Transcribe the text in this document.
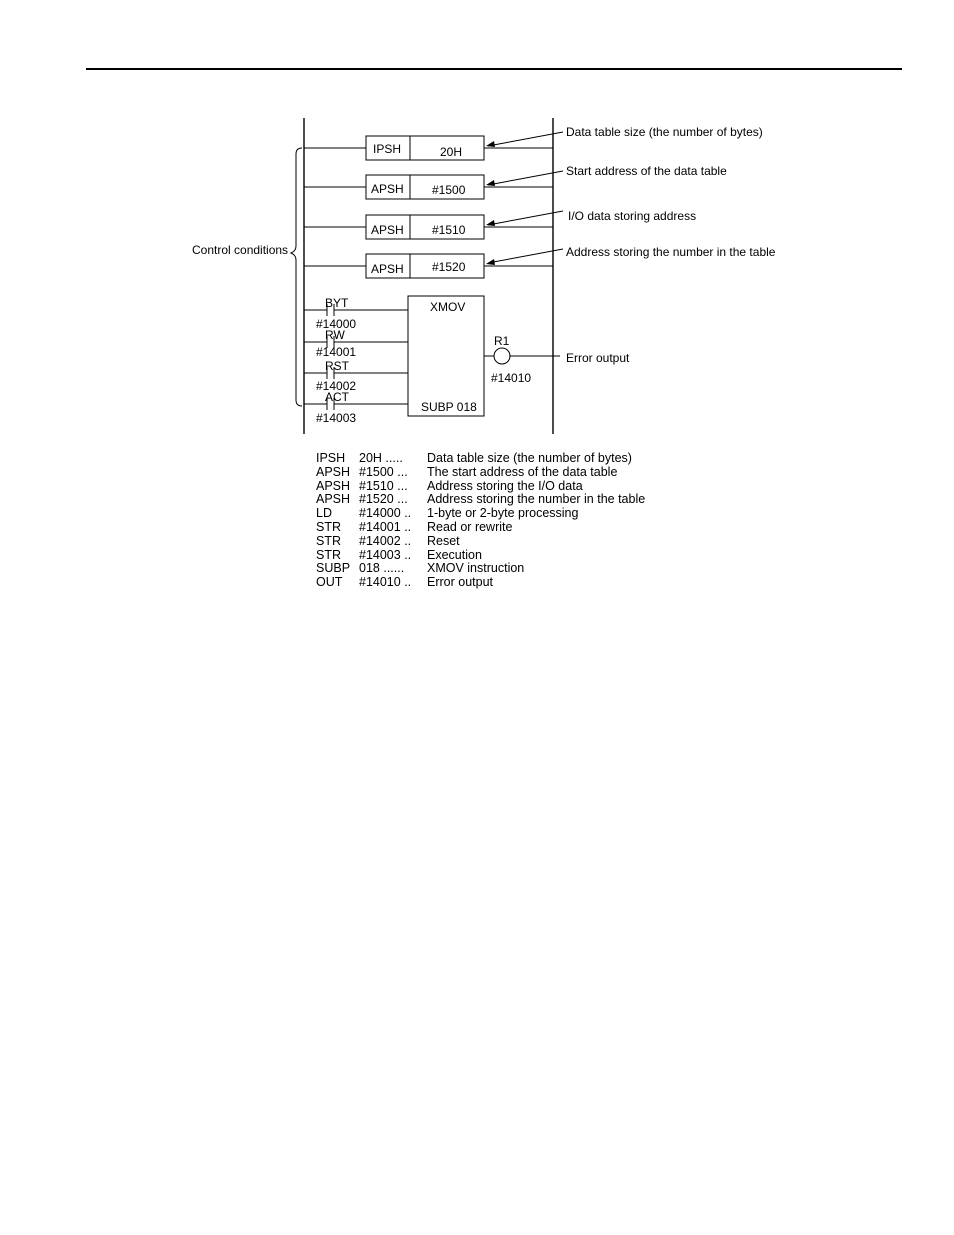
Control conditions
IPSH	20H
Data table size (the number of bytes)
APSH #1500
Start address of the data table
APSH #1510
I/O data storing address
APSH #1520
Address storing the number in the table
XMOV
SUBP 018
BYT
#14000
RW
#14001
RST
#14002
ACT
#14003
R1
#14010
Error output
IPSH	20H .....	Data table size (the number of bytes)
APSH	#1500 ...	The start address of the data table
APSH	#1510 ...	Address storing the I/O data
APSH	#1520 ...	Address storing the number in the table
LD	#14000 ..	1-byte or 2-byte processing
STR	#14001 ..	Read or rewrite
STR	#14002 ..	Reset
STR	#14003 ..	Execution
SUBP	018 ......	XMOV instruction
OUT	#14010 ..	Error output
